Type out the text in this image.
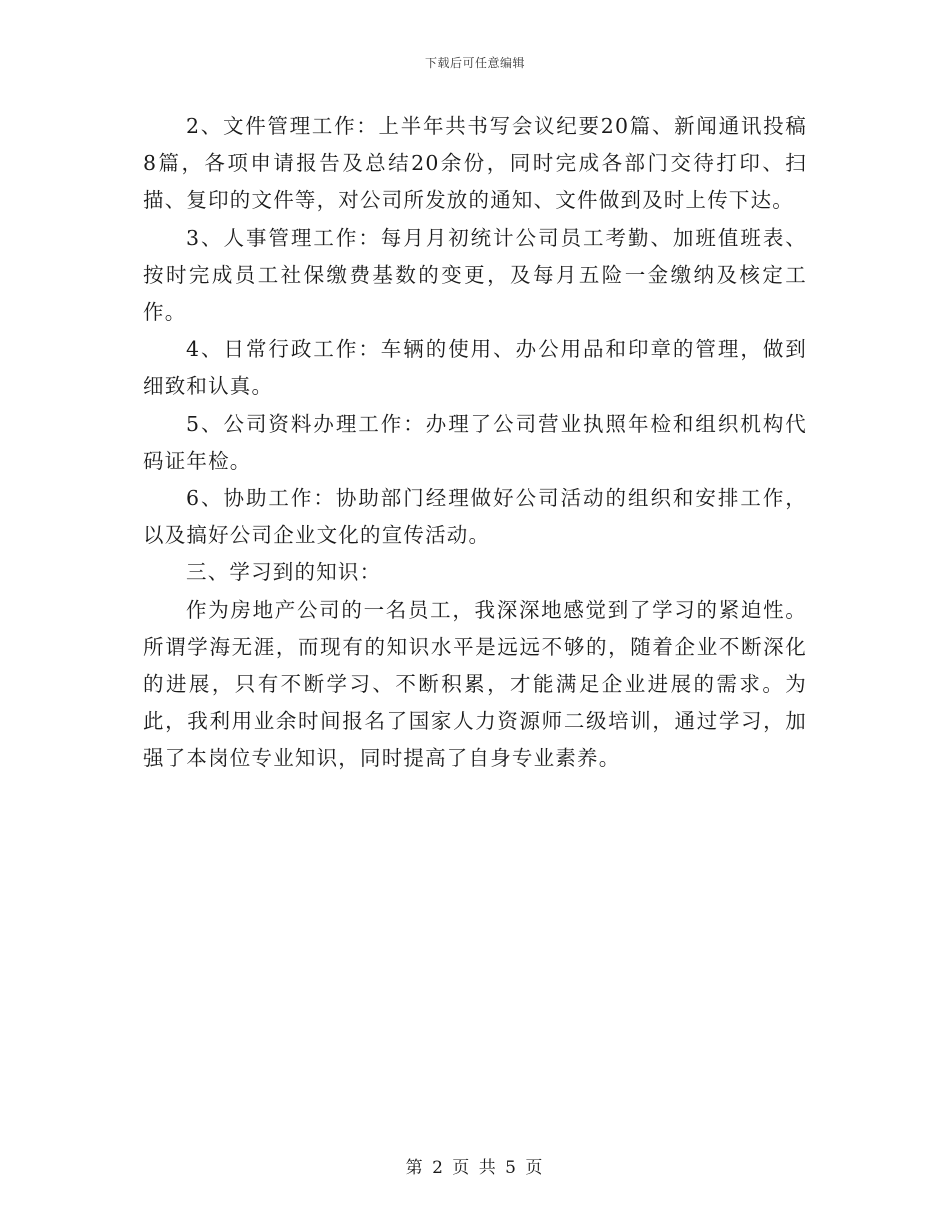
下载后可任意编辑

2、文件管理工作：上半年共书写会议纪要20篇、新闻通讯投稿8篇，各项申请报告及总结20余份，同时完成各部门交待打印、扫描、复印的文件等，对公司所发放的通知、文件做到及时上传下达。

3、人事管理工作：每月月初统计公司员工考勤、加班值班表、按时完成员工社保缴费基数的变更，及每月五险一金缴纳及核定工作。

4、日常行政工作：车辆的使用、办公用品和印章的管理，做到细致和认真。

5、公司资料办理工作：办理了公司营业执照年检和组织机构代码证年检。

6、协助工作：协助部门经理做好公司活动的组织和安排工作，以及搞好公司企业文化的宣传活动。

三、学习到的知识：

作为房地产公司的一名员工，我深深地感觉到了学习的紧迫性。所谓学海无涯，而现有的知识水平是远远不够的，随着企业不断深化的进展，只有不断学习、不断积累，才能满足企业进展的需求。为此，我利用业余时间报名了国家人力资源师二级培训，通过学习，加强了本岗位专业知识，同时提高了自身专业素养。

第 2 页 共 5 页
